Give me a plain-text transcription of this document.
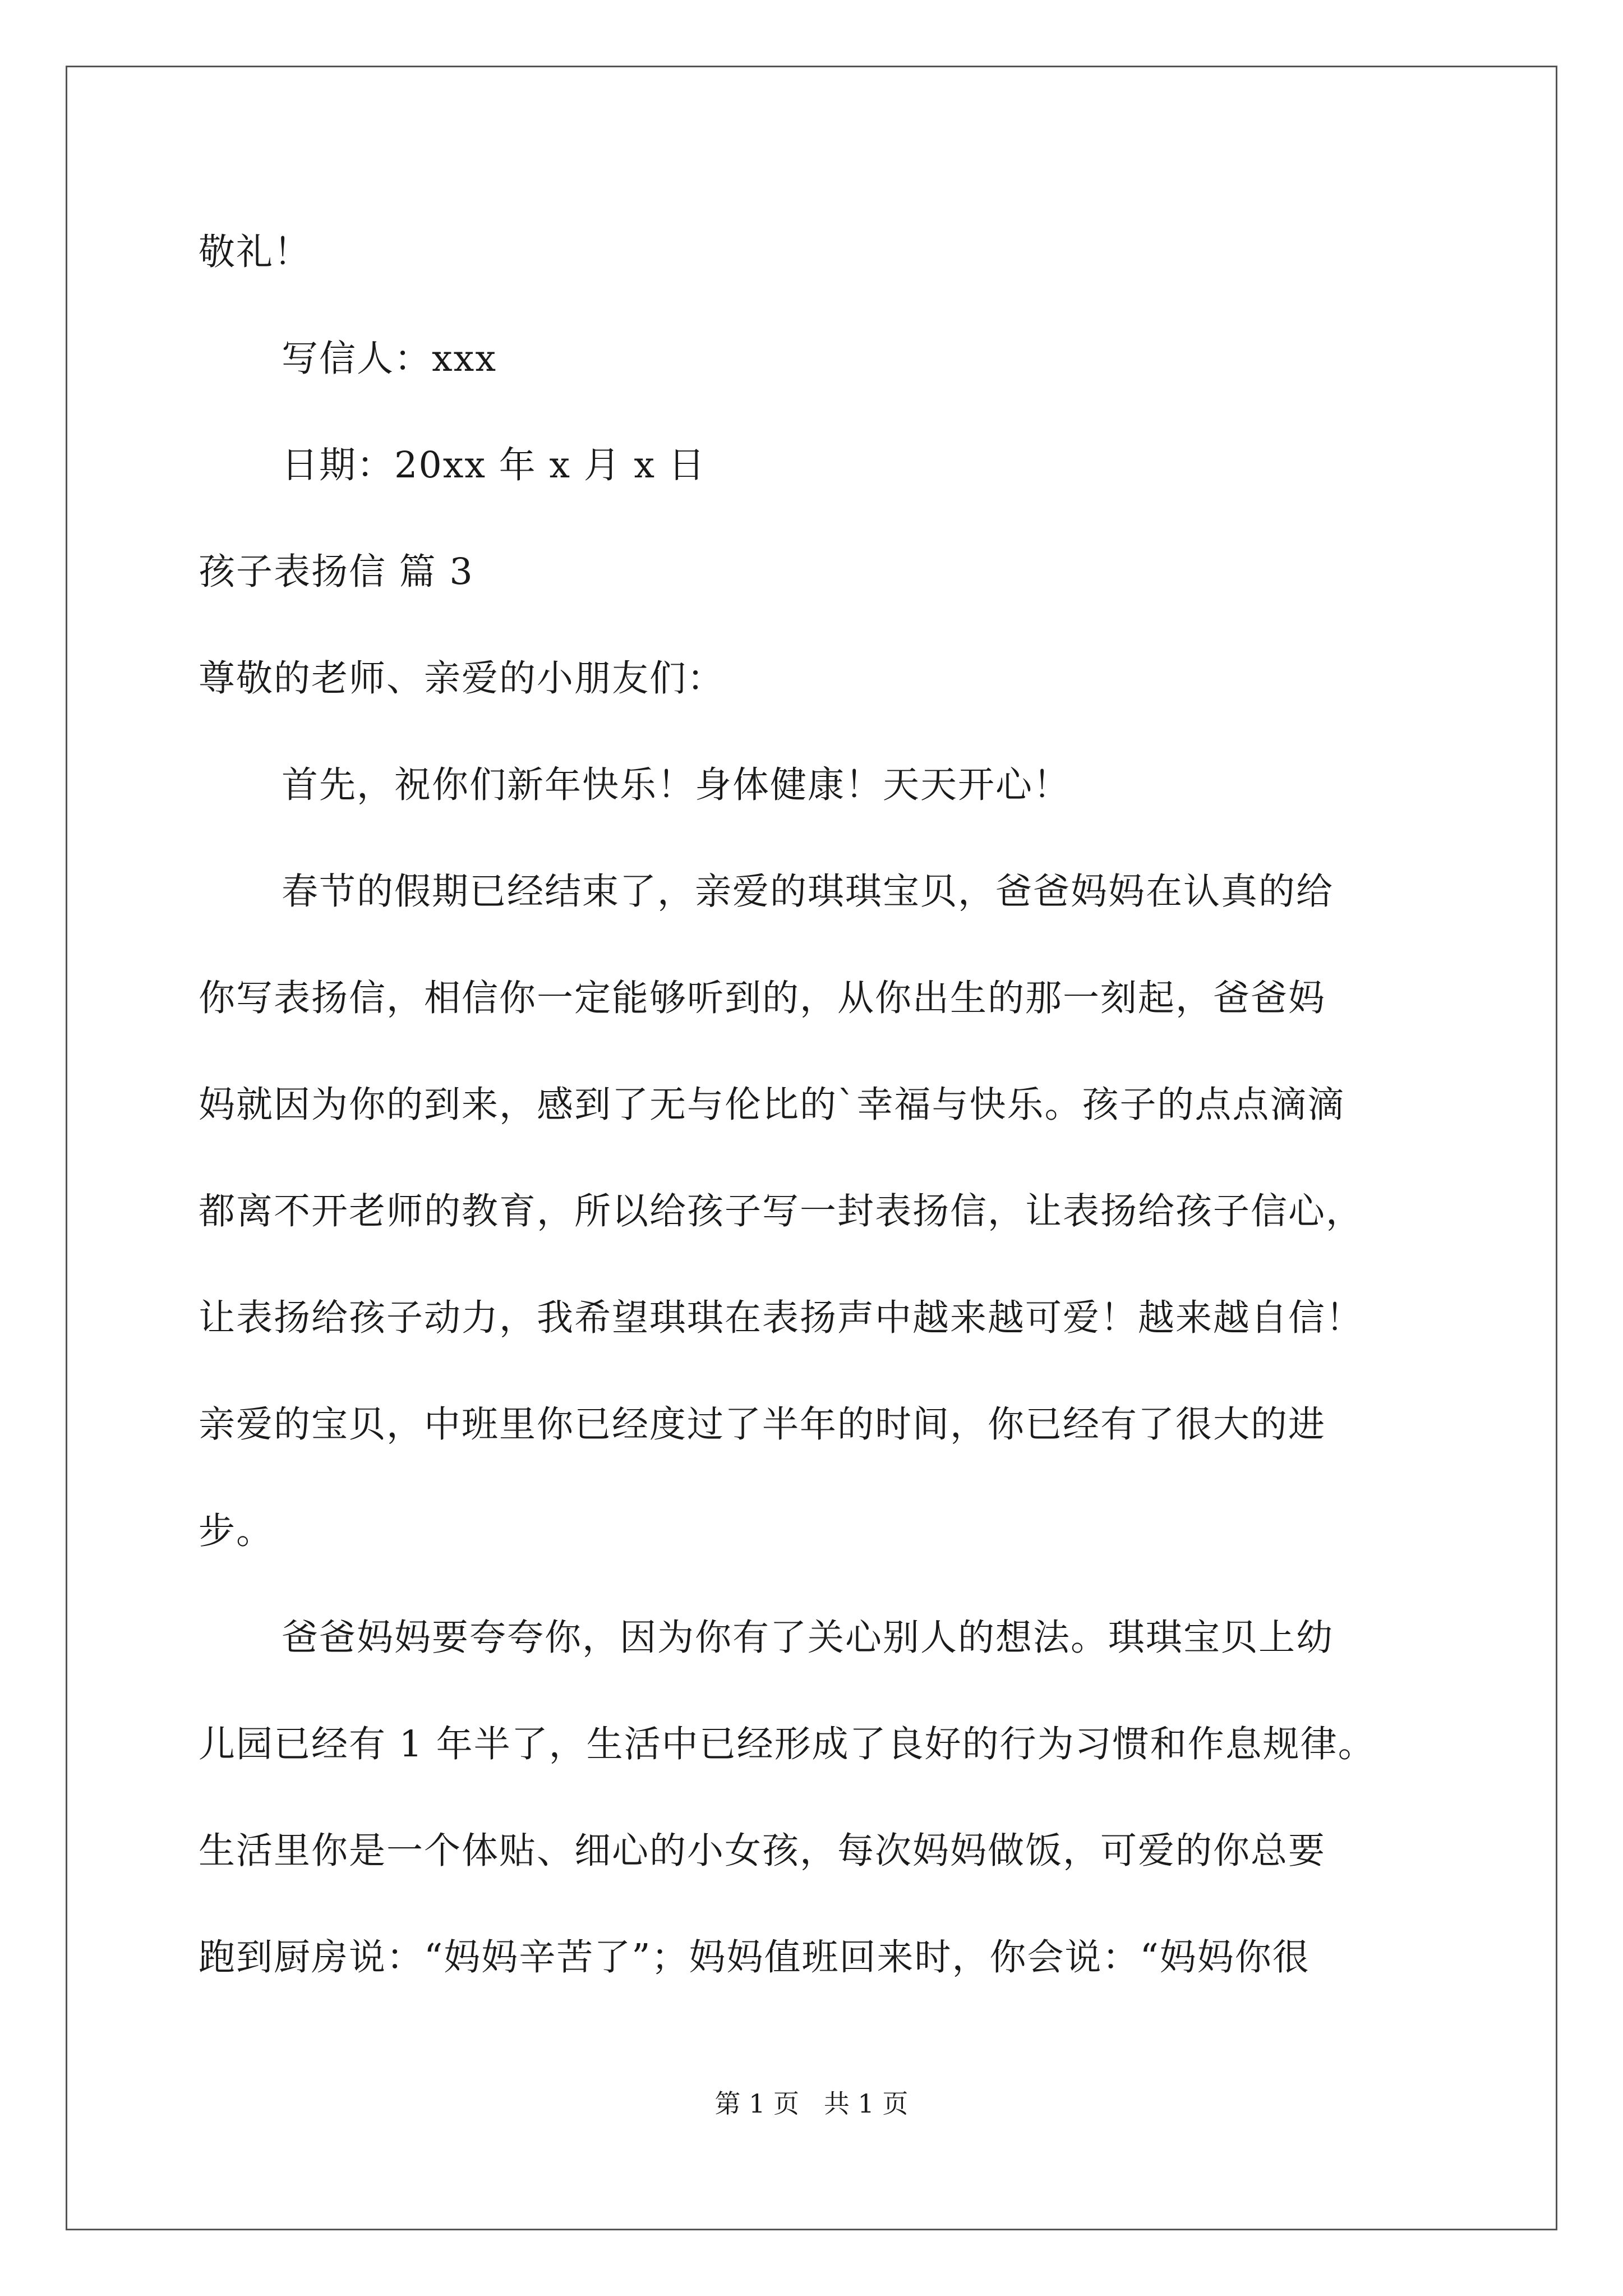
敬礼！
写信人：xxx
日期：20xx 年 x 月 x 日
孩子表扬信 篇 3
尊敬的老师、亲爱的小朋友们：
首先，祝你们新年快乐！身体健康！天天开心！
春节的假期已经结束了，亲爱的琪琪宝贝，爸爸妈妈在认真的给
你写表扬信，相信你一定能够听到的，从你出生的那一刻起，爸爸妈
妈就因为你的到来，感到了无与伦比的`幸福与快乐。孩子的点点滴滴
都离不开老师的教育，所以给孩子写一封表扬信，让表扬给孩子信心，
让表扬给孩子动力，我希望琪琪在表扬声中越来越可爱！越来越自信！
亲爱的宝贝，中班里你已经度过了半年的时间，你已经有了很大的进
步。
爸爸妈妈要夸夸你，因为你有了关心别人的想法。琪琪宝贝上幼
儿园已经有 1 年半了，生活中已经形成了良好的行为习惯和作息规律。
生活里你是一个体贴、细心的小女孩，每次妈妈做饭，可爱的你总要
跑到厨房说：“妈妈辛苦了”；妈妈值班回来时，你会说：“妈妈你很
第 1 页   共 1 页
